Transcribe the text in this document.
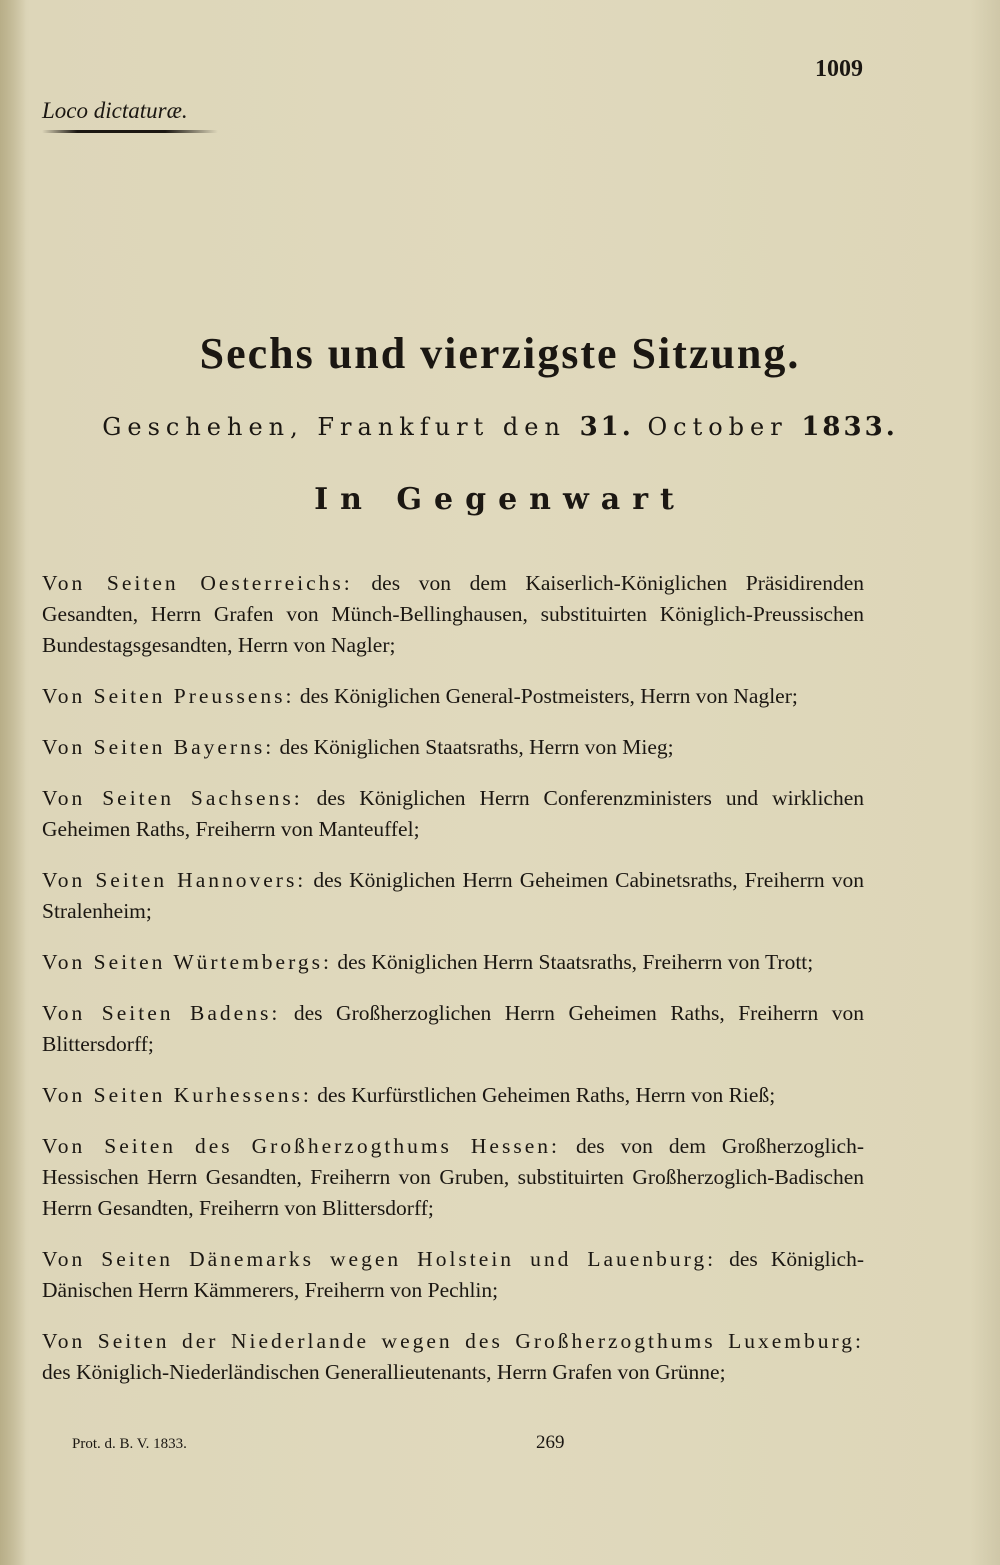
1009
Loco dictaturæ.
Sechs und vierzigste Sitzung.
Geschehen, Frankfurt den 31. October 1833.
In Gegenwart

Von Seiten Oesterreichs: des von dem Kaiserlich-Königlichen Präsidirenden Gesandten, Herrn Grafen von Münch-Bellinghausen, substituirten Königlich-Preussischen Bundestagsgesandten, Herrn von Nagler;

Von Seiten Preussens: des Königlichen General-Postmeisters, Herrn von Nagler;

Von Seiten Bayerns: des Königlichen Staatsraths, Herrn von Mieg;

Von Seiten Sachsens: des Königlichen Herrn Conferenzministers und wirklichen Geheimen Raths, Freiherrn von Manteuffel;

Von Seiten Hannovers: des Königlichen Herrn Geheimen Cabinetsraths, Freiherrn von Stralenheim;

Von Seiten Würtembergs: des Königlichen Herrn Staatsraths, Freiherrn von Trott;

Von Seiten Badens: des Großherzoglichen Herrn Geheimen Raths, Freiherrn von Blittersdorff;

Von Seiten Kurhessens: des Kurfürstlichen Geheimen Raths, Herrn von Rieß;

Von Seiten des Großherzogthums Hessen: des von dem Großherzoglich-Hessischen Herrn Gesandten, Freiherrn von Gruben, substituirten Großherzoglich-Badischen Herrn Gesandten, Freiherrn von Blittersdorff;

Von Seiten Dänemarks wegen Holstein und Lauenburg: des Königlich-Dänischen Herrn Kämmerers, Freiherrn von Pechlin;

Von Seiten der Niederlande wegen des Großherzogthums Luxemburg: des Königlich-Niederländischen Generallieutenants, Herrn Grafen von Grünne;

Prot. d. B. V. 1833.	269
